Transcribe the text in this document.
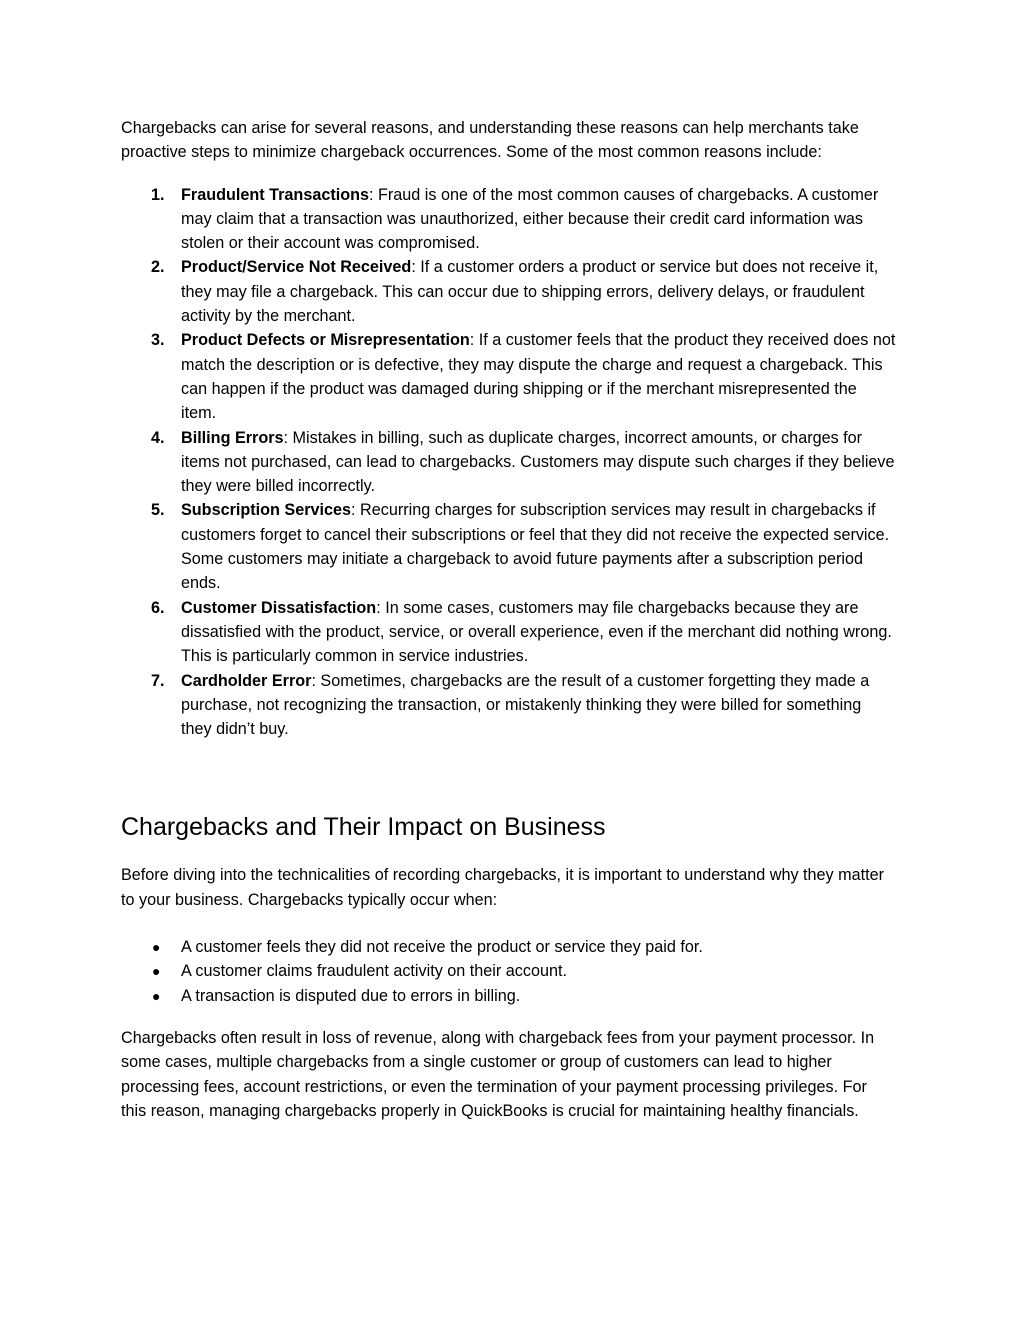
Chargebacks can arise for several reasons, and understanding these reasons can help merchants take proactive steps to minimize chargeback occurrences. Some of the most common reasons include:

1. Fraudulent Transactions: Fraud is one of the most common causes of chargebacks. A customer may claim that a transaction was unauthorized, either because their credit card information was stolen or their account was compromised.
2. Product/Service Not Received: If a customer orders a product or service but does not receive it, they may file a chargeback. This can occur due to shipping errors, delivery delays, or fraudulent activity by the merchant.
3. Product Defects or Misrepresentation: If a customer feels that the product they received does not match the description or is defective, they may dispute the charge and request a chargeback. This can happen if the product was damaged during shipping or if the merchant misrepresented the item.
4. Billing Errors: Mistakes in billing, such as duplicate charges, incorrect amounts, or charges for items not purchased, can lead to chargebacks. Customers may dispute such charges if they believe they were billed incorrectly.
5. Subscription Services: Recurring charges for subscription services may result in chargebacks if customers forget to cancel their subscriptions or feel that they did not receive the expected service. Some customers may initiate a chargeback to avoid future payments after a subscription period ends.
6. Customer Dissatisfaction: In some cases, customers may file chargebacks because they are dissatisfied with the product, service, or overall experience, even if the merchant did nothing wrong. This is particularly common in service industries.
7. Cardholder Error: Sometimes, chargebacks are the result of a customer forgetting they made a purchase, not recognizing the transaction, or mistakenly thinking they were billed for something they didn’t buy.
Chargebacks and Their Impact on Business

Before diving into the technicalities of recording chargebacks, it is important to understand why they matter to your business. Chargebacks typically occur when:

● A customer feels they did not receive the product or service they paid for.
● A customer claims fraudulent activity on their account.
● A transaction is disputed due to errors in billing.

Chargebacks often result in loss of revenue, along with chargeback fees from your payment processor. In some cases, multiple chargebacks from a single customer or group of customers can lead to higher processing fees, account restrictions, or even the termination of your payment processing privileges. For this reason, managing chargebacks properly in QuickBooks is crucial for maintaining healthy financials.
